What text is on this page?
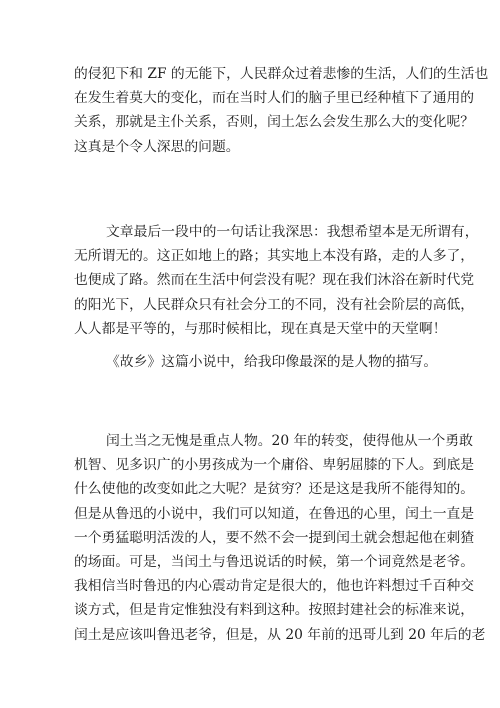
的侵犯下和 ZF 的无能下，人民群众过着悲惨的生活，人们的生活也
在发生着莫大的变化，而在当时人们的脑子里已经种植下了通用的
关系，那就是主仆关系，否则，闰土怎么会发生那么大的变化呢？
这真是个令人深思的问题。
文章最后一段中的一句话让我深思：我想希望本是无所谓有，
无所谓无的。这正如地上的路；其实地上本没有路，走的人多了，
也便成了路。然而在生活中何尝没有呢？现在我们沐浴在新时代党
的阳光下，人民群众只有社会分工的不同，没有社会阶层的高低，
人人都是平等的，与那时候相比，现在真是天堂中的天堂啊！
《故乡》这篇小说中，给我印像最深的是人物的描写。
闰土当之无愧是重点人物。20 年的转变，使得他从一个勇敢
机智、见多识广的小男孩成为一个庸俗、卑躬屈膝的下人。到底是
什么使他的改变如此之大呢？是贫穷？还是这是我所不能得知的。
但是从鲁迅的小说中，我们可以知道，在鲁迅的心里，闰土一直是
一个勇猛聪明活泼的人，要不然不会一提到闰土就会想起他在刺猹
的场面。可是，当闰土与鲁迅说话的时候，第一个词竟然是老爷。
我相信当时鲁迅的内心震动肯定是很大的，他也许料想过千百种交
谈方式，但是肯定惟独没有料到这种。按照封建社会的标准来说，
闰土是应该叫鲁迅老爷，但是，从 20 年前的迅哥儿到 20 年后的老
